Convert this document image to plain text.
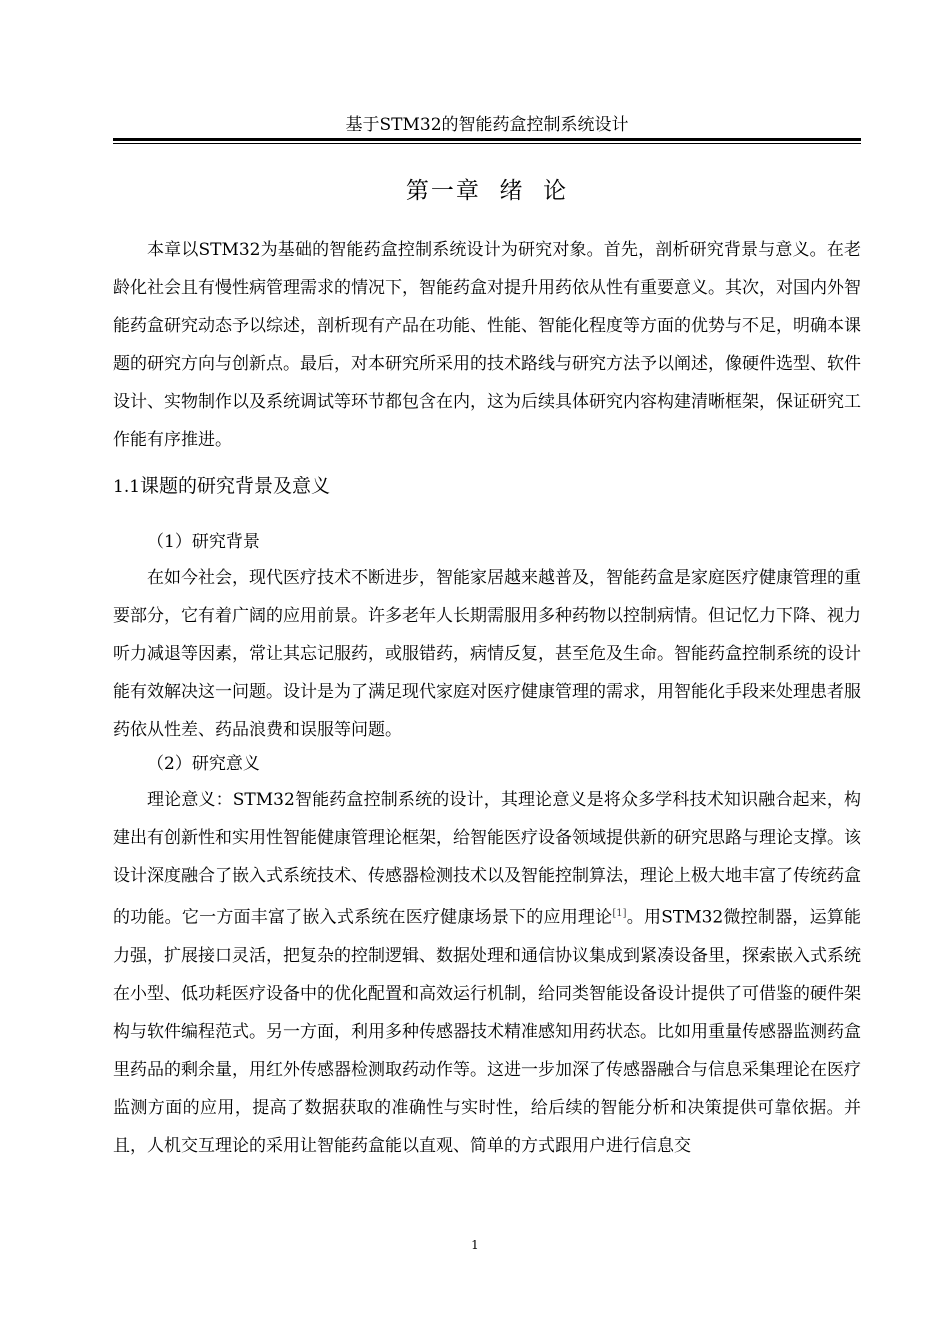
基于STM32的智能药盒控制系统设计
第一章  绪  论

本章以STM32为基础的智能药盒控制系统设计为研究对象。首先，剖析研究背景与意义。在老龄化社会且有慢性病管理需求的情况下，智能药盒对提升用药依从性有重要意义。其次，对国内外智能药盒研究动态予以综述，剖析现有产品在功能、性能、智能化程度等方面的优势与不足，明确本课题的研究方向与创新点。最后，对本研究所采用的技术路线与研究方法予以阐述，像硬件选型、软件设计、实物制作以及系统调试等环节都包含在内，这为后续具体研究内容构建清晰框架，保证研究工作能有序推进。

1.1课题的研究背景及意义
（1）研究背景

在如今社会，现代医疗技术不断进步，智能家居越来越普及，智能药盒是家庭医疗健康管理的重要部分，它有着广阔的应用前景。许多老年人长期需服用多种药物以控制病情。但记忆力下降、视力听力减退等因素，常让其忘记服药，或服错药，病情反复，甚至危及生命。智能药盒控制系统的设计能有效解决这一问题。设计是为了满足现代家庭对医疗健康管理的需求，用智能化手段来处理患者服药依从性差、药品浪费和误服等问题。

（2）研究意义

理论意义：STM32智能药盒控制系统的设计，其理论意义是将众多学科技术知识融合起来，构建出有创新性和实用性智能健康管理论框架，给智能医疗设备领域提供新的研究思路与理论支撑。该设计深度融合了嵌入式系统技术、传感器检测技术以及智能控制算法，理论上极大地丰富了传统药盒的功能。它一方面丰富了嵌入式系统在医疗健康场景下的应用理论[1]。用STM32微控制器，运算能力强，扩展接口灵活，把复杂的控制逻辑、数据处理和通信协议集成到紧凑设备里，探索嵌入式系统在小型、低功耗医疗设备中的优化配置和高效运行机制，给同类智能设备设计提供了可借鉴的硬件架构与软件编程范式。另一方面，利用多种传感器技术精准感知用药状态。比如用重量传感器监测药盒里药品的剩余量，用红外传感器检测取药动作等。这进一步加深了传感器融合与信息采集理论在医疗监测方面的应用，提高了数据获取的准确性与实时性，给后续的智能分析和决策提供可靠依据。并且，人机交互理论的采用让智能药盒能以直观、简单的方式跟用户进行信息交

1
